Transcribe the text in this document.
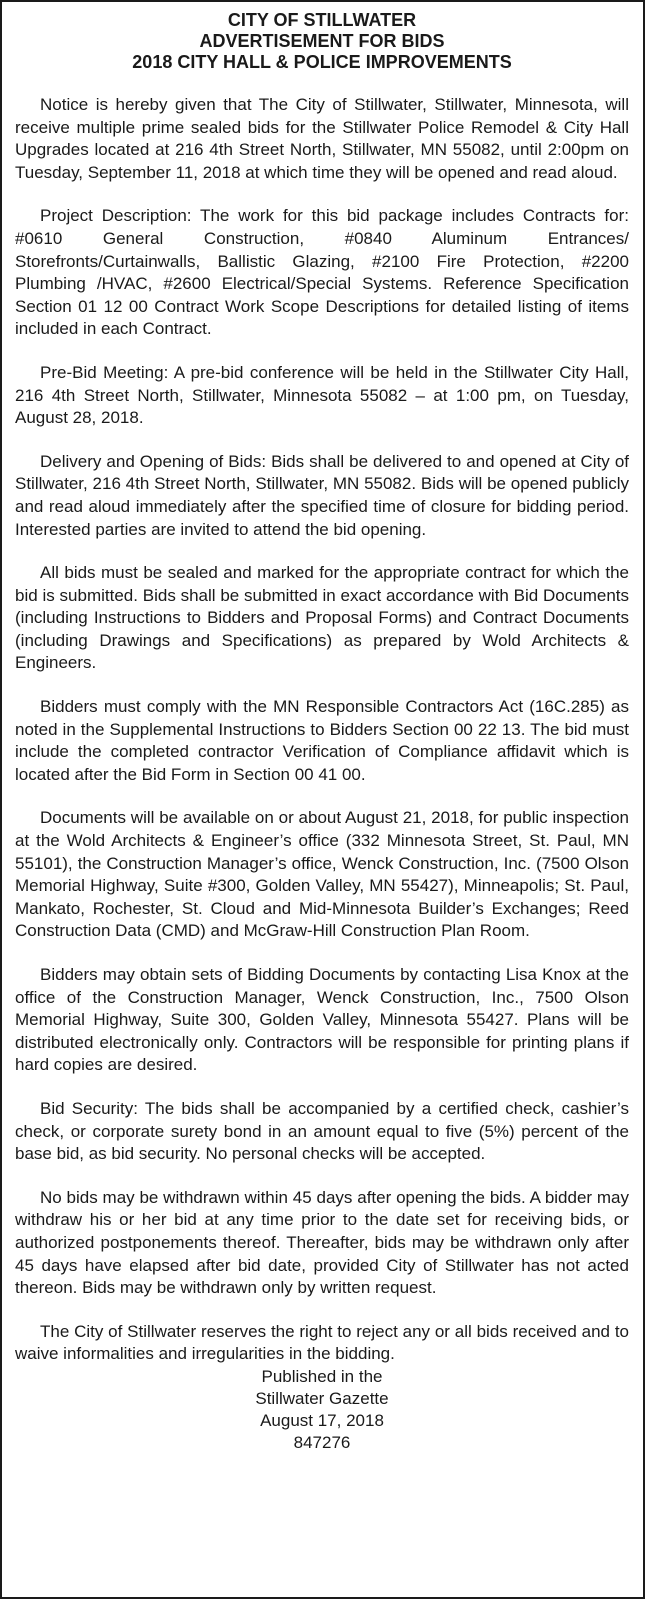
CITY OF STILLWATER
ADVERTISEMENT FOR BIDS
2018 CITY HALL & POLICE IMPROVEMENTS

Notice is hereby given that The City of Stillwater, Stillwater, Minnesota, will receive multiple prime sealed bids for the Stillwater Police Remodel & City Hall Upgrades located at 216 4th Street North, Stillwater, MN 55082, until 2:00pm on Tuesday, September 11, 2018 at which time they will be opened and read aloud.

Project Description: The work for this bid package includes Contracts for: #0610 General Construction, #0840 Aluminum Entrances/ Storefronts/Curtainwalls, Ballistic Glazing, #2100 Fire Protection, #2200 Plumbing /HVAC, #2600 Electrical/Special Systems. Reference Specification Section 01 12 00 Contract Work Scope Descriptions for detailed listing of items included in each Contract.

Pre-Bid Meeting: A pre-bid conference will be held in the Stillwater City Hall, 216 4th Street North, Stillwater, Minnesota 55082 – at 1:00 pm, on Tuesday, August 28, 2018.

Delivery and Opening of Bids: Bids shall be delivered to and opened at City of Stillwater, 216 4th Street North, Stillwater, MN 55082. Bids will be opened publicly and read aloud immediately after the specified time of closure for bidding period. Interested parties are invited to attend the bid opening.

All bids must be sealed and marked for the appropriate contract for which the bid is submitted. Bids shall be submitted in exact accordance with Bid Documents (including Instructions to Bidders and Proposal Forms) and Contract Documents (including Drawings and Specifications) as prepared by Wold Architects & Engineers.

Bidders must comply with the MN Responsible Contractors Act (16C.285) as noted in the Supplemental Instructions to Bidders Section 00 22 13. The bid must include the completed contractor Verification of Compliance affidavit which is located after the Bid Form in Section 00 41 00.

Documents will be available on or about August 21, 2018, for public inspection at the Wold Architects & Engineer’s office (332 Minnesota Street, St. Paul, MN 55101), the Construction Manager’s office, Wenck Construction, Inc. (7500 Olson Memorial Highway, Suite #300, Golden Valley, MN 55427), Minneapolis; St. Paul, Mankato, Rochester, St. Cloud and Mid-Minnesota Builder’s Exchanges; Reed Construction Data (CMD) and McGraw-Hill Construction Plan Room.

Bidders may obtain sets of Bidding Documents by contacting Lisa Knox at the office of the Construction Manager, Wenck Construction, Inc., 7500 Olson Memorial Highway, Suite 300, Golden Valley, Minnesota 55427. Plans will be distributed electronically only. Contractors will be responsible for printing plans if hard copies are desired.

Bid Security: The bids shall be accompanied by a certified check, cashier’s check, or corporate surety bond in an amount equal to five (5%) percent of the base bid, as bid security. No personal checks will be accepted.

No bids may be withdrawn within 45 days after opening the bids. A bidder may withdraw his or her bid at any time prior to the date set for receiving bids, or authorized postponements thereof. Thereafter, bids may be withdrawn only after 45 days have elapsed after bid date, provided City of Stillwater has not acted thereon. Bids may be withdrawn only by written request.

The City of Stillwater reserves the right to reject any or all bids received and to waive informalities and irregularities in the bidding.

Published in the
Stillwater Gazette
August 17, 2018
847276
